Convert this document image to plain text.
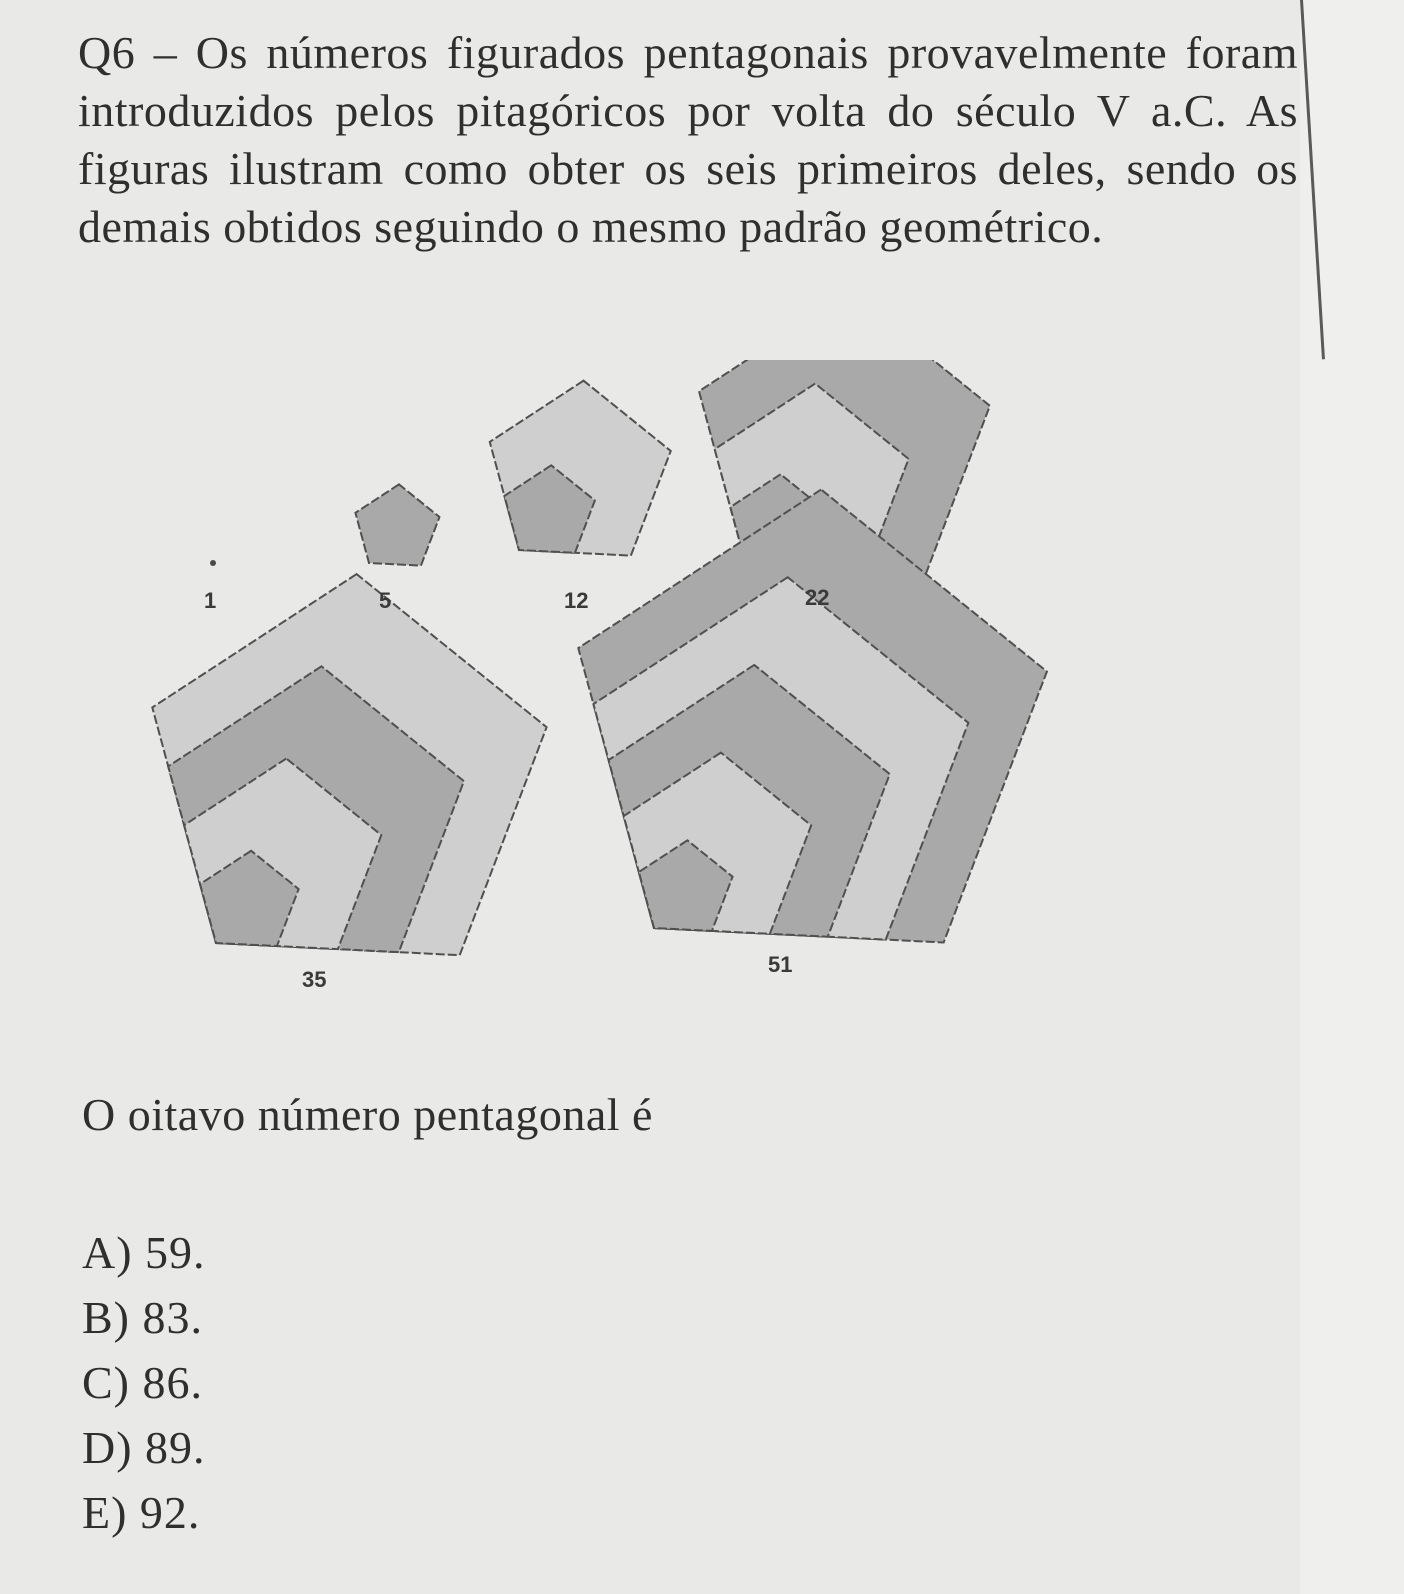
Q6 – Os números figurados pentagonais provavelmente foram introduzidos pelos pitagóricos por volta do século V a.C. As figuras ilustram como obter os seis primeiros deles, sendo os demais obtidos seguindo o mesmo padrão geométrico.
1	5	12	22
35
51
O oitavo número pentagonal é
A) 59.
B) 83.
C) 86.
D) 89.
E) 92.
